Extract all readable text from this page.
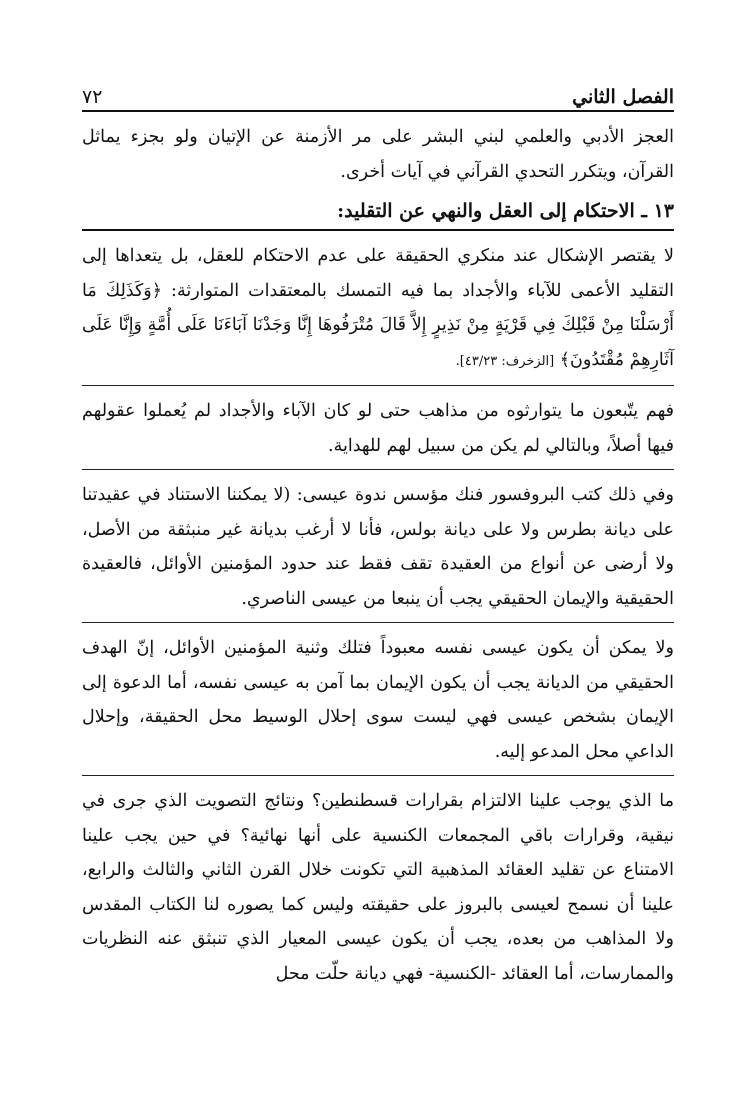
الفصل الثاني
٧٢

العجز الأدبي والعلمي لبني البشر على مر الأزمنة عن الإتيان ولو بجزء يماثل القرآن، ويتكرر التحدي القرآني في آيات أخرى.

١٣ ـ الاحتكام إلى العقل والنهي عن التقليد:

لا يقتصر الإشكال عند منكري الحقيقة على عدم الاحتكام للعقل، بل يتعداها إلى التقليد الأعمى للآباء والأجداد بما فيه التمسك بالمعتقدات المتوارثة: ﴿وَكَذَلِكَ مَا أَرْسَلْنَا مِنْ قَبْلِكَ فِي قَرْيَةٍ مِنْ نَذِيرٍ إِلاَّ قَالَ مُتْرَفُوهَا إِنَّا وَجَدْنَا آبَاءَنَا عَلَى أُمَّةٍ وَإِنَّا عَلَى آثَارِهِمْ مُقْتَدُونَ﴾ [الزخرف: ٤٣/٢٣].

فهم يتّبعون ما يتوارثوه من مذاهب حتى لو كان الآباء والأجداد لم يُعملوا عقولهم فيها أصلاً، وبالتالي لم يكن من سبيل لهم للهداية.

وفي ذلك كتب البروفسور فنك مؤسس ندوة عيسى: (لا يمكننا الاستناد في عقيدتنا على ديانة بطرس ولا على ديانة بولس، فأنا لا أرغب بديانة غير منبثقة من الأصل، ولا أرضى عن أنواع من العقيدة تقف فقط عند حدود المؤمنين الأوائل، فالعقيدة الحقيقية والإيمان الحقيقي يجب أن ينبعا من عيسى الناصري.

ولا يمكن أن يكون عيسى نفسه معبوداً فتلك وثنية المؤمنين الأوائل، إنّ الهدف الحقيقي من الديانة يجب أن يكون الإيمان بما آمن به عيسى نفسه، أما الدعوة إلى الإيمان بشخص عيسى فهي ليست سوى إحلال الوسيط محل الحقيقة، وإحلال الداعي محل المدعو إليه.

ما الذي يوجب علينا الالتزام بقرارات قسطنطين؟ ونتائج التصويت الذي جرى في نيقية، وقرارات باقي المجمعات الكنسية على أنها نهائية؟ في حين يجب علينا الامتناع عن تقليد العقائد المذهبية التي تكونت خلال القرن الثاني والثالث والرابع، علينا أن نسمح لعيسى بالبروز على حقيقته وليس كما يصوره لنا الكتاب المقدس ولا المذاهب من بعده، يجب أن يكون عيسى المعيار الذي تنبثق عنه النظريات والممارسات، أما العقائد -الكنسية- فهي ديانة حلّت محل
